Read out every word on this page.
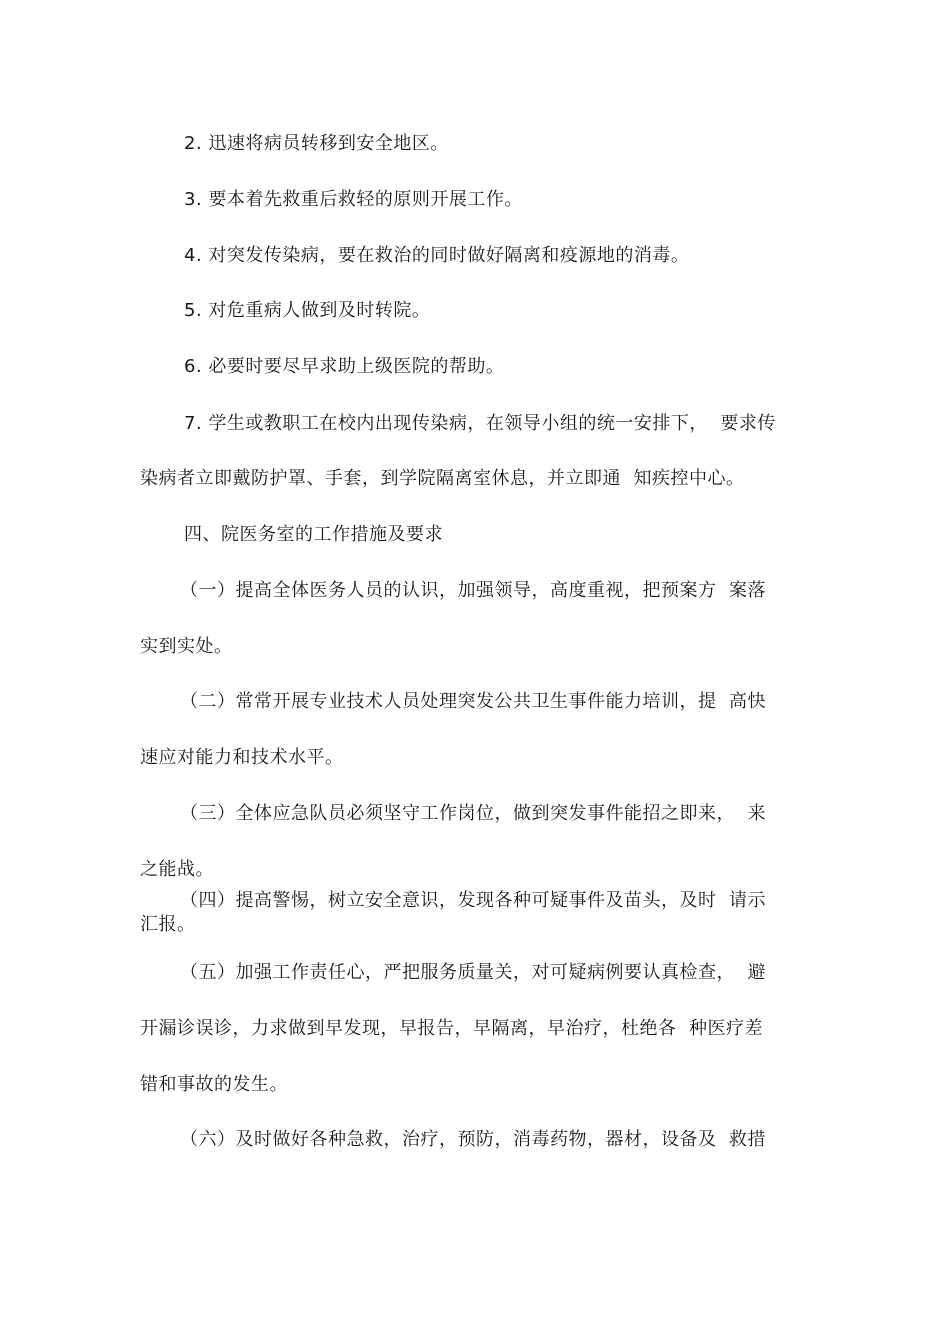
2. 迅速将病员转移到安全地区。
3. 要本着先救重后救轻的原则开展工作。
4. 对突发传染病，要在救治的同时做好隔离和疫源地的消毒。
5. 对危重病人做到及时转院。
6. 必要时要尽早求助上级医院的帮助。
7. 学生或教职工在校内出现传染病，在领导小组的统一安排下，  要求传
染病者立即戴防护罩、手套，到学院隔离室休息，并立即通  知疾控中心。
四、院医务室的工作措施及要求
（一）提高全体医务人员的认识，加强领导，高度重视，把预案方  案落
实到实处。
（二）常常开展专业技术人员处理突发公共卫生事件能力培训，提  高快
速应对能力和技术水平。
（三）全体应急队员必须坚守工作岗位，做到突发事件能招之即来，  来
之能战。
（四）提高警惕，树立安全意识，发现各种可疑事件及苗头，及时  请示
汇报。
（五）加强工作责任心，严把服务质量关，对可疑病例要认真检查，  避
开漏诊误诊，力求做到早发现，早报告，早隔离，早治疗，杜绝各  种医疗差
错和事故的发生。
（六）及时做好各种急救，治疗，预防，消毒药物，器材，设备及  救措
